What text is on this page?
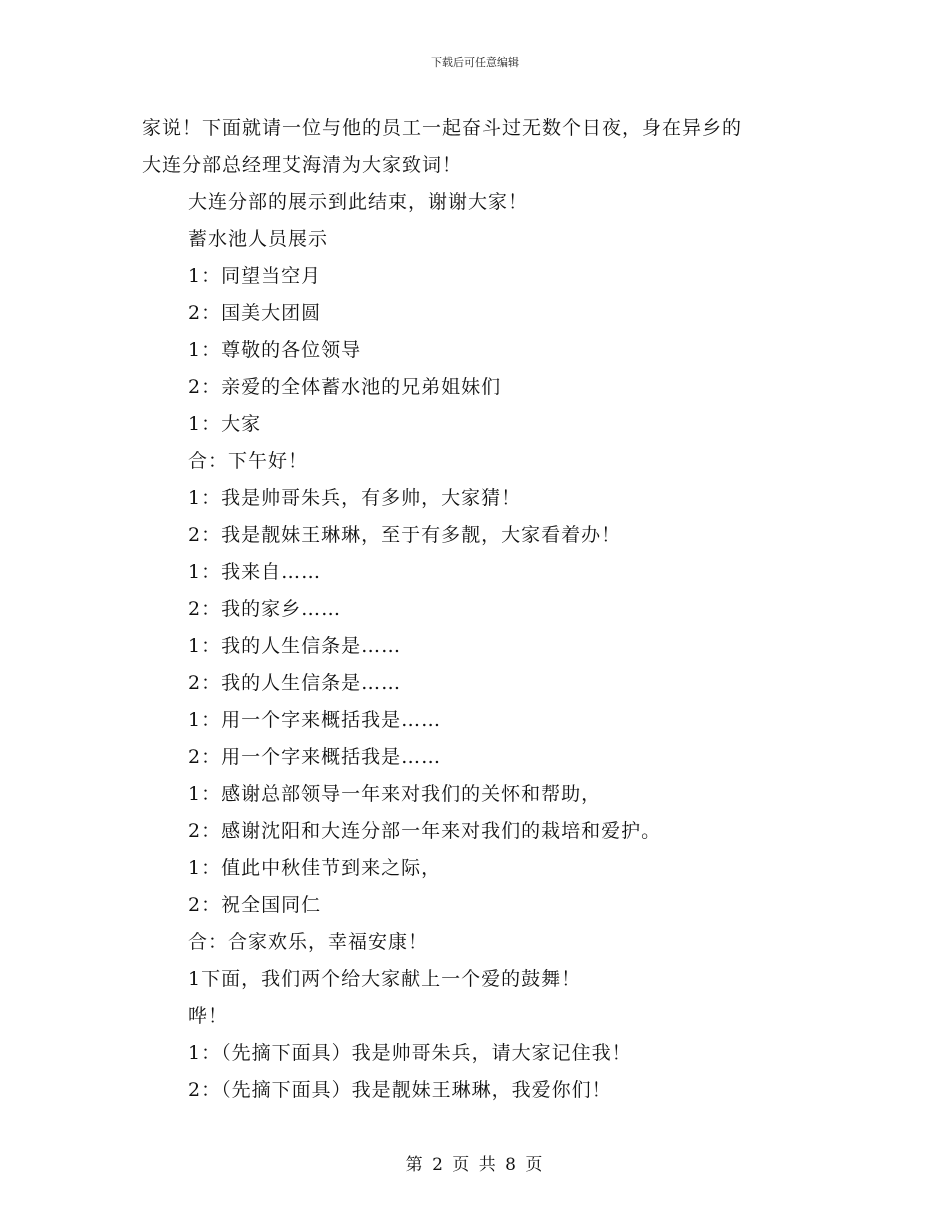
下载后可任意编辑
家说！下面就请一位与他的员工一起奋斗过无数个日夜，身在异乡的
大连分部总经理艾海清为大家致词！
大连分部的展示到此结束，谢谢大家！
蓄水池人员展示
1：同望当空月
2：国美大团圆
1：尊敬的各位领导
2：亲爱的全体蓄水池的兄弟姐妹们
1：大家
合：下午好！
1：我是帅哥朱兵，有多帅，大家猜！
2：我是靓妹王琳琳，至于有多靓，大家看着办！
1：我来自……
2：我的家乡……
1：我的人生信条是……
2：我的人生信条是……
1：用一个字来概括我是……
2：用一个字来概括我是……
1：感谢总部领导一年来对我们的关怀和帮助，
2：感谢沈阳和大连分部一年来对我们的栽培和爱护。
1：值此中秋佳节到来之际，
2：祝全国同仁
合：合家欢乐，幸福安康！
1下面，我们两个给大家献上一个爱的鼓舞！
哗！
1：（先摘下面具）我是帅哥朱兵，请大家记住我！
2：（先摘下面具）我是靓妹王琳琳，我爱你们！
第 2 页 共 8 页
